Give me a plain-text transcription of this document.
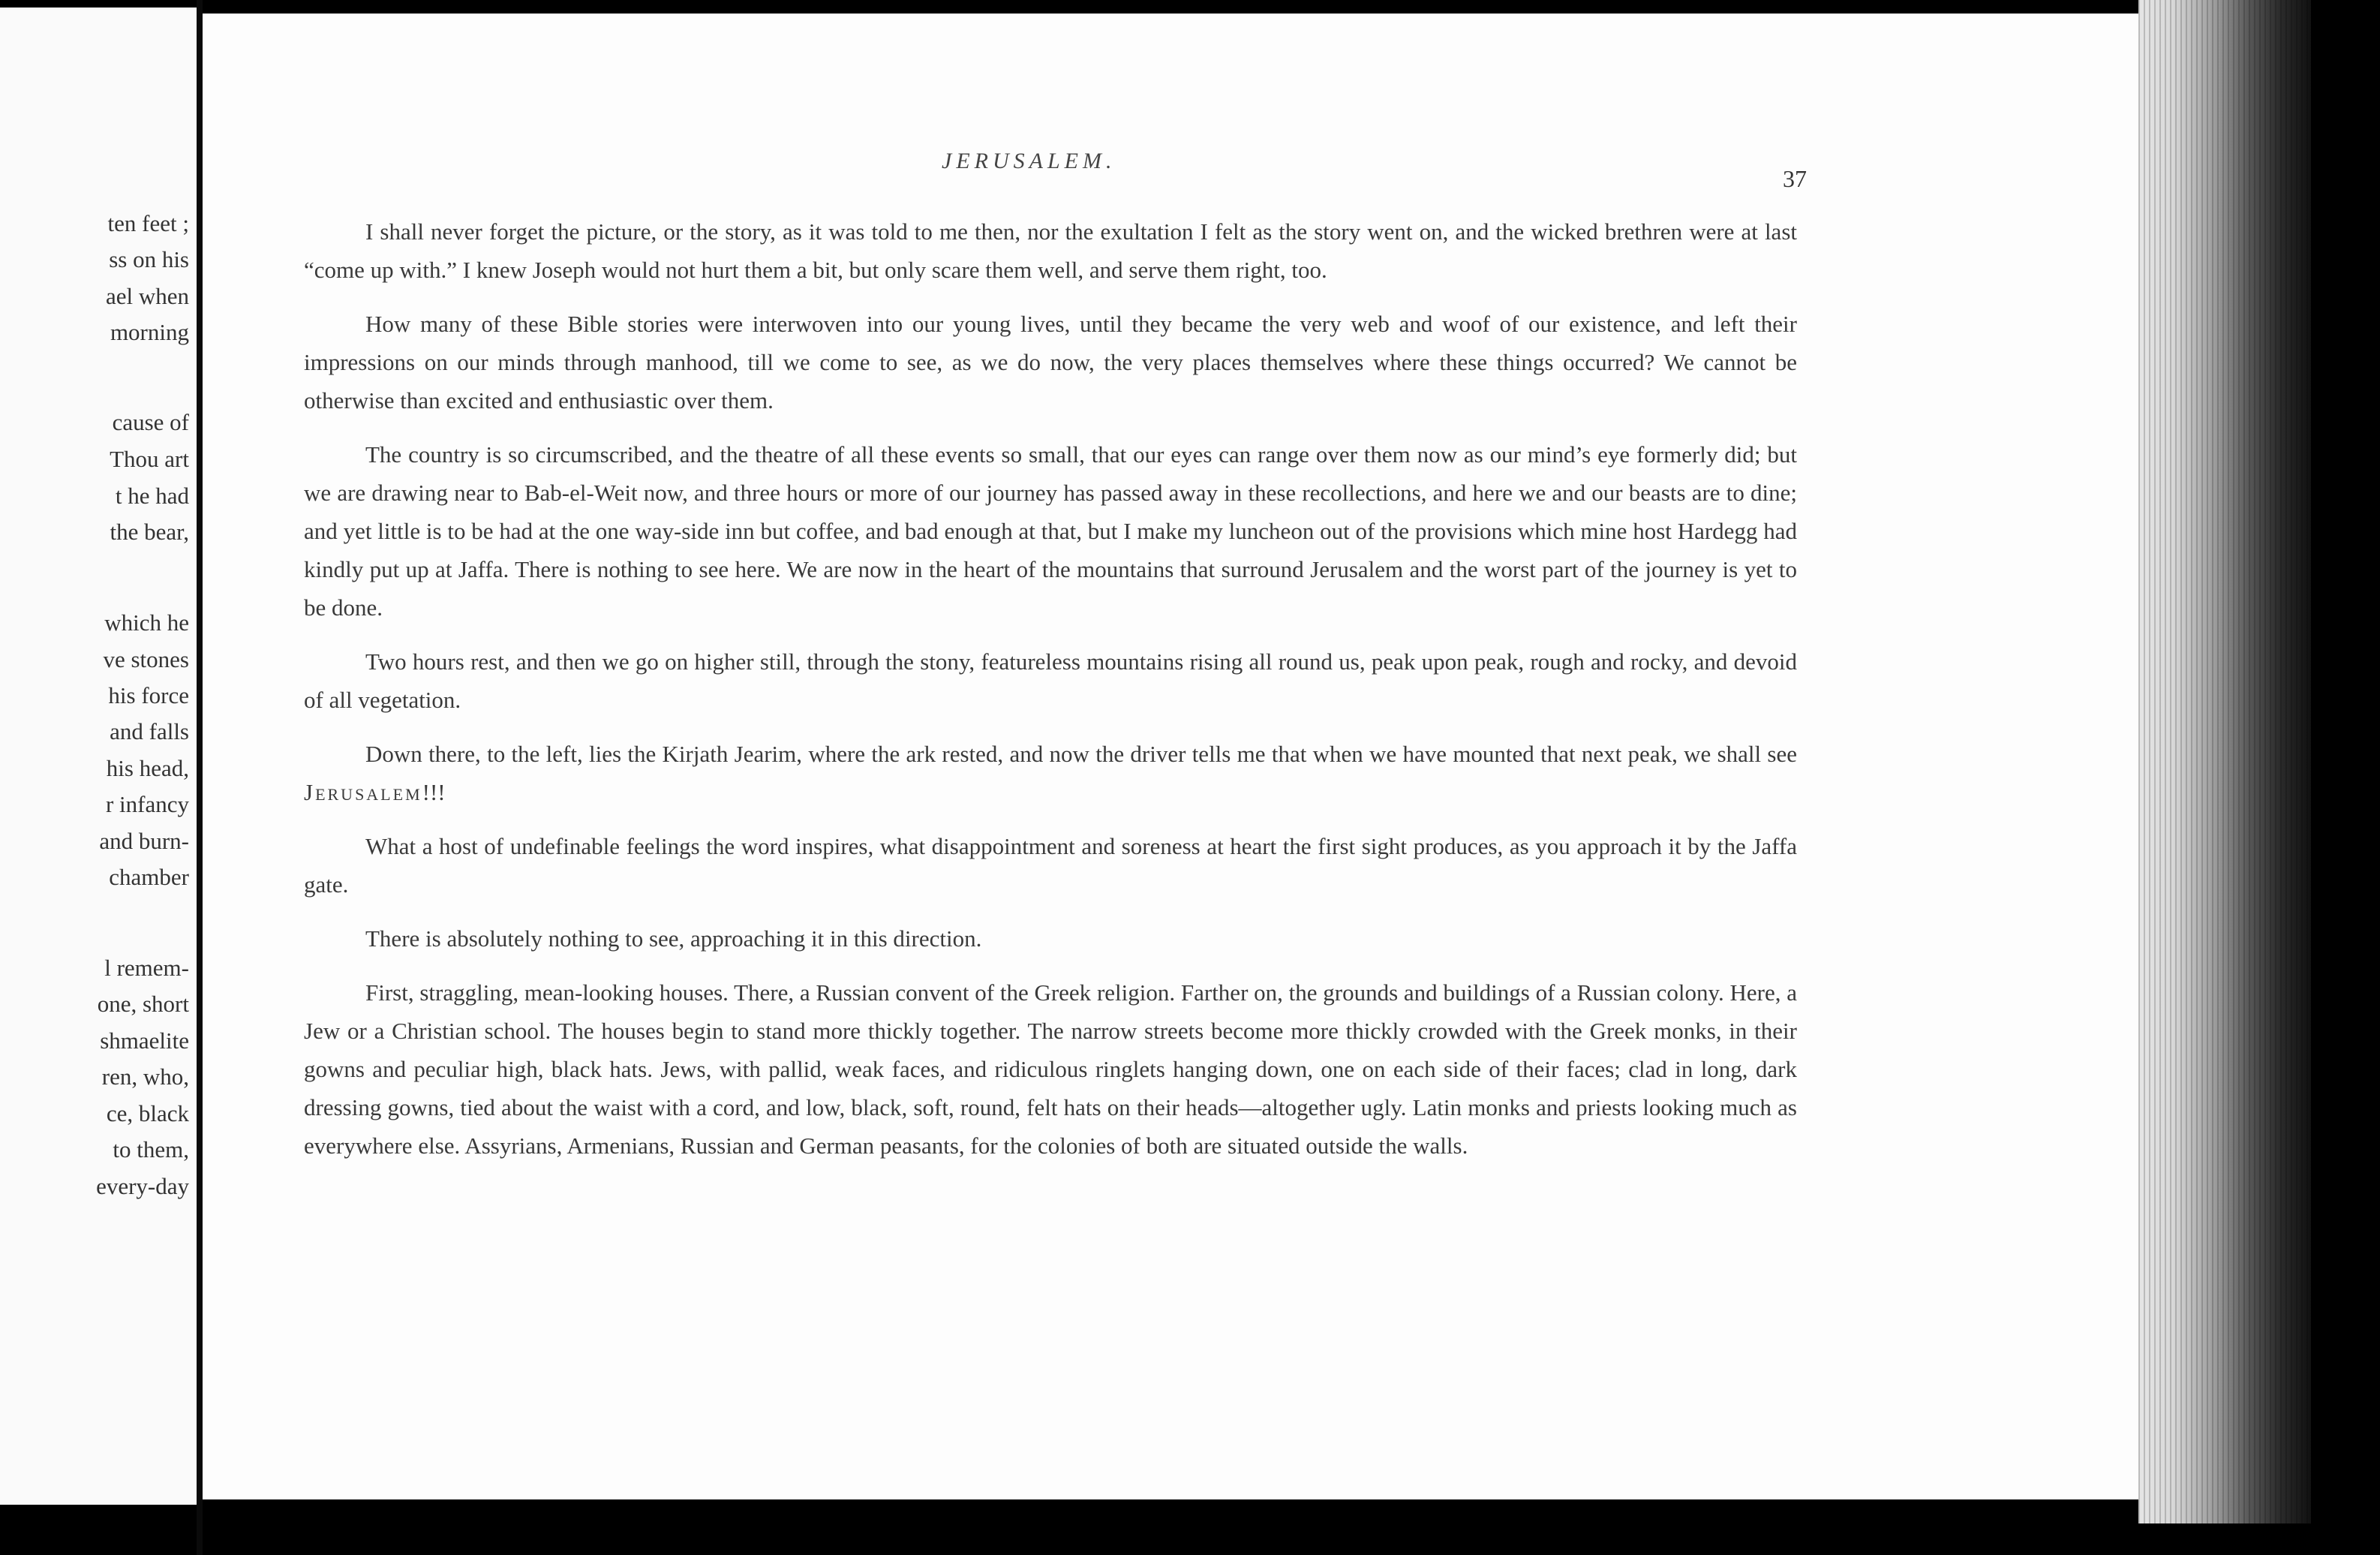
ten feet ;
ss on his
ael when
morning
cause of
Thou art
t he had
the bear,
which he
ve stones
his force
and falls
his head,
r infancy
and burn-
chamber
l remem-
one, short
shmaelite
ren, who,
ce, black
to them,
every-day
JERUSALEM.
37

I shall never forget the picture, or the story, as it was told to me then, nor the exultation I felt as the story went on, and the wicked brethren were at last “come up with.” I knew Joseph would not hurt them a bit, but only scare them well, and serve them right, too.

How many of these Bible stories were interwoven into our young lives, until they became the very web and woof of our existence, and left their impressions on our minds through manhood, till we come to see, as we do now, the very places themselves where these things occurred? We cannot be otherwise than excited and enthusiastic over them.

The country is so circumscribed, and the theatre of all these events so small, that our eyes can range over them now as our mind’s eye formerly did; but we are drawing near to Bab-el-Weit now, and three hours or more of our journey has passed away in these recollections, and here we and our beasts are to dine; and yet little is to be had at the one way-side inn but coffee, and bad enough at that, but I make my luncheon out of the provisions which mine host Hardegg had kindly put up at Jaffa. There is nothing to see here. We are now in the heart of the mountains that surround Jerusalem and the worst part of the journey is yet to be done.

Two hours rest, and then we go on higher still, through the stony, featureless mountains rising all round us, peak upon peak, rough and rocky, and devoid of all vegetation.

Down there, to the left, lies the Kirjath Jearim, where the ark rested, and now the driver tells me that when we have mounted that next peak, we shall see Jerusalem!!!

What a host of undefinable feelings the word inspires, what disappointment and soreness at heart the first sight produces, as you approach it by the Jaffa gate.

There is absolutely nothing to see, approaching it in this direction.

First, straggling, mean-looking houses. There, a Russian convent of the Greek religion. Farther on, the grounds and buildings of a Russian colony. Here, a Jew or a Christian school. The houses begin to stand more thickly together. The narrow streets become more thickly crowded with the Greek monks, in their gowns and peculiar high, black hats. Jews, with pallid, weak faces, and ridiculous ringlets hanging down, one on each side of their faces; clad in long, dark dressing gowns, tied about the waist with a cord, and low, black, soft, round, felt hats on their heads—altogether ugly. Latin monks and priests looking much as everywhere else. Assyrians, Armenians, Russian and German peasants, for the colonies of both are situated outside the walls.
